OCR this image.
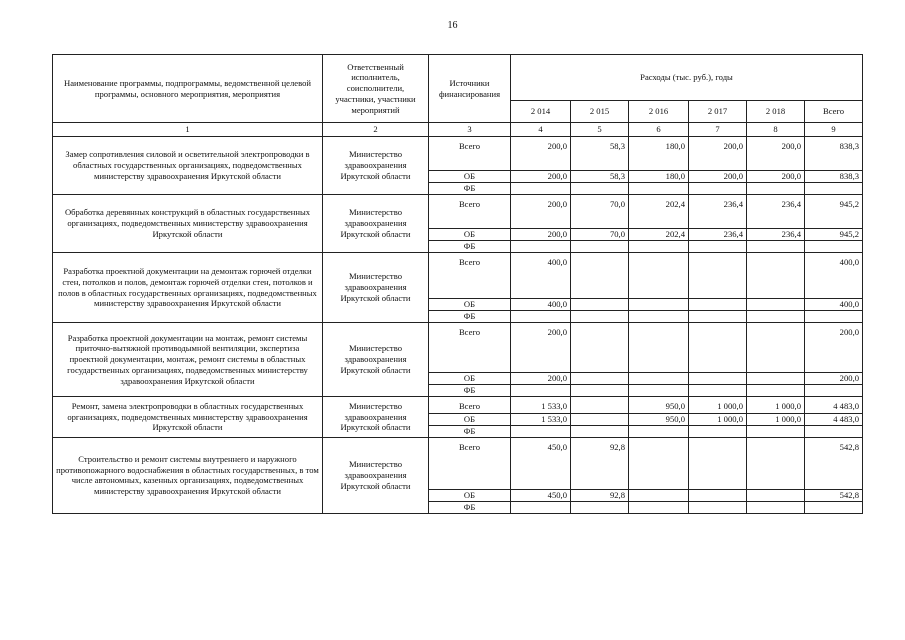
16
Наименование программы, подпрограммы, ведомственной целевой программы, основного мероприятия, мероприятия	Ответственный исполнитель, соисполнители, участники, участники мероприятий	Источники финансирования	Расходы (тыс. руб.), годы					
			2 014	2 015	2 016	2 017	2 018	Всего
1	2	3	4	5	6	7	8	9
Замер сопротивления силовой и осветительной электропроводки в областных государственных организациях, подведомственных министерству здравоохранения Иркутской области	Министерство здравоохранения Иркутской области	Всего	200,0	58,3	180,0	200,0	200,0	838,3
		ОБ	200,0	58,3	180,0	200,0	200,0	838,3
		ФБ						
Обработка деревянных конструкций в областных государственных организациях, подведомственных министерству здравоохранения Иркутской области	Министерство здравоохранения Иркутской области	Всего	200,0	70,0	202,4	236,4	236,4	945,2
		ОБ	200,0	70,0	202,4	236,4	236,4	945,2
		ФБ						
Разработка проектной документации на демонтаж горючей отделки стен, потолков и полов, демонтаж горючей отделки стен, потолков и полов в областных государственных организациях, подведомственных министерству здравоохранения Иркутской области	Министерство здравоохранения Иркутской области	Всего	400,0					400,0
		ОБ	400,0					400,0
		ФБ						
Разработка проектной документации на монтаж, ремонт системы приточно-вытяжной противодымной вентиляции, экспертиза проектной документации, монтаж, ремонт системы в областных государственных организациях, подведомственных министерству здравоохранения Иркутской области	Министерство здравоохранения Иркутской области	Всего	200,0					200,0
		ОБ	200,0					200,0
		ФБ						
Ремонт, замена электропроводки в областных государственных организациях, подведомственных министерству здравоохранения Иркутской области	Министерство здравоохранения Иркутской области	Всего	1 533,0		950,0	1 000,0	1 000,0	4 483,0
		ОБ	1 533,0		950,0	1 000,0	1 000,0	4 483,0
		ФБ						
Строительство и ремонт системы внутреннего и наружного противопожарного водоснабжения в областных государственных, в том числе автономных, казенных организациях, подведомственных министерству здравоохранения Иркутской области	Министерство здравоохранения Иркутской области	Всего	450,0	92,8				542,8
		ОБ	450,0	92,8				542,8
		ФБ						
